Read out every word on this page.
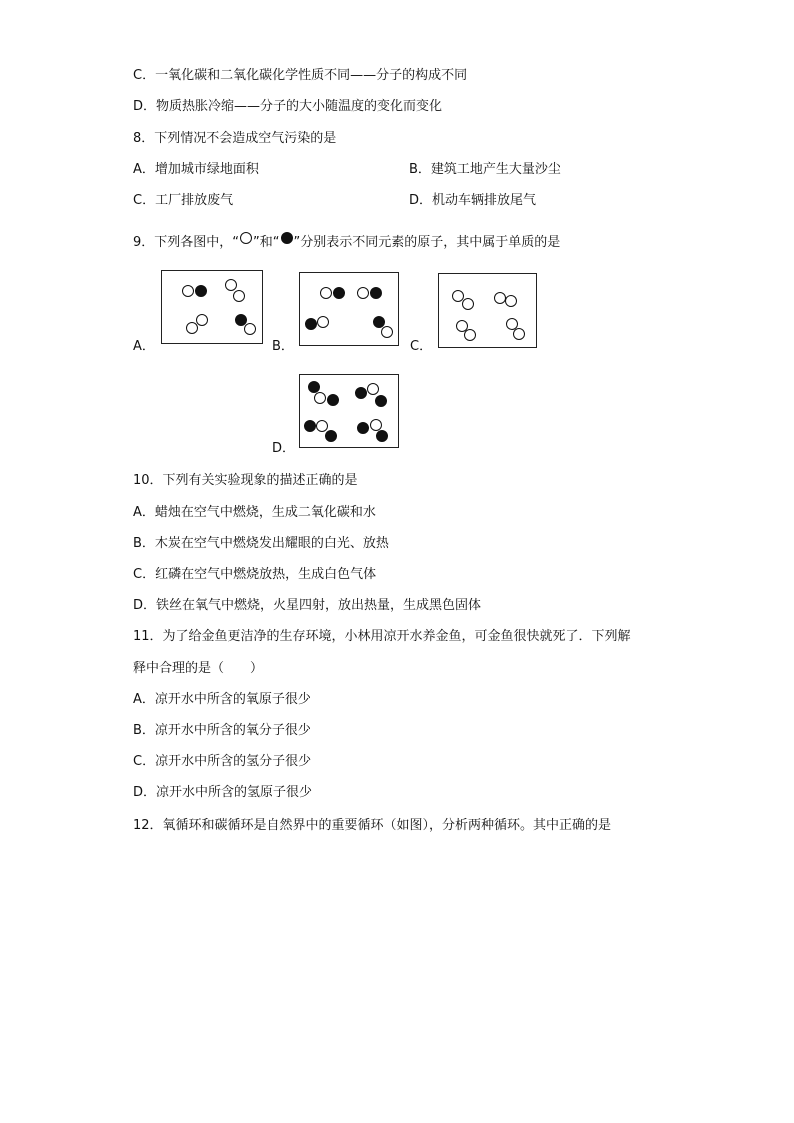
C．一氧化碳和二氧化碳化学性质不同——分子的构成不同
D．物质热胀冷缩——分子的大小随温度的变化而变化
8．下列情况不会造成空气污染的是
A．增加城市绿地面积	B．建筑工地产生大量沙尘
C．工厂排放废气	D．机动车辆排放尾气
9．下列各图中，“ ”和“ ”分别表示不同元素的原子，其中属于单质的是
A．	B．	C．
D．
10．下列有关实验现象的描述正确的是
A．蜡烛在空气中燃烧，生成二氧化碳和水
B．木炭在空气中燃烧发出耀眼的白光、放热
C．红磷在空气中燃烧放热，生成白色气体
D．铁丝在氧气中燃烧，火星四射，放出热量，生成黑色固体
11．为了给金鱼更洁净的生存环境，小林用凉开水养金鱼，可金鱼很快就死了．下列解
释中合理的是（　　）
A．凉开水中所含的氧原子很少
B．凉开水中所含的氧分子很少
C．凉开水中所含的氢分子很少
D．凉开水中所含的氢原子很少
12．氧循环和碳循环是自然界中的重要循环（如图），分析两种循环。其中正确的是
